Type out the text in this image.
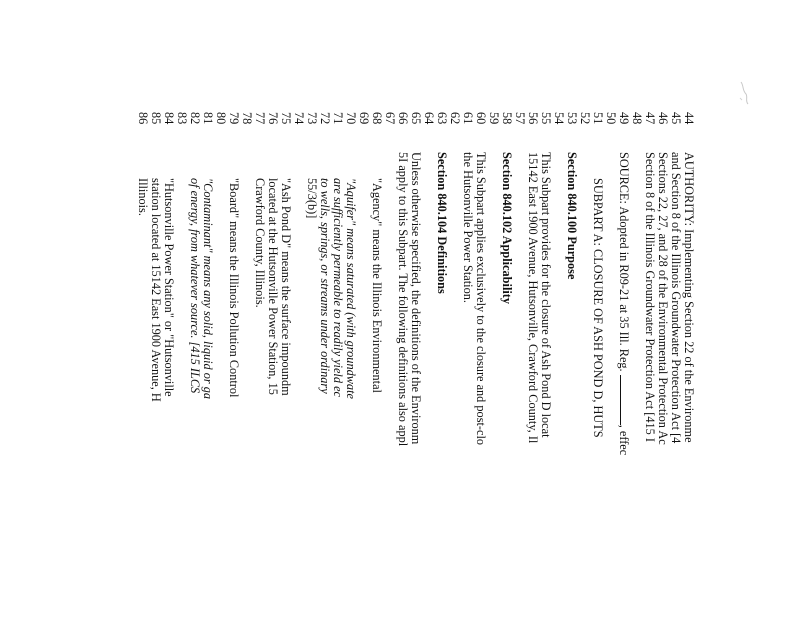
44
AUTHORITY: Implementing Section 22 of the Environme
45
and Section 8 of the Illinois Groundwater Protection Act [4
46
Sections 22, 27, and 28 of the Environmental Protection Ac
47
Section 8 of the Illinois Groundwater Protection Act [415 I
48
49
SOURCE: Adopted in R09-21 at 35 Ill. Reg. , effec
50
51
SUBPART A: CLOSURE OF ASH POND D, HUTS
52
53
Section 840.100 Purpose
54
55
This Subpart provides for the closure of Ash Pond D locat
56
15142 East 1900 Avenue, Hutsonville, Crawford County, Il
57
58
Section 840.102 Applicability
59
60
This Subpart applies exclusively to the closure and post-clo
61
the Hutsonville Power Station.
62
63
Section 840.104 Definitions
64
65
Unless otherwise specified, the definitions of the Environm
66
5I apply to this Subpart. The following definitions also appl
67
68
"Agency" means the Illinois Environmental
69
70
"Aquifer" means saturated (with groundwate
71
are sufficiently permeable to readily yield ec
72
to wells, springs, or streams under ordinary
73
55/3(b)]
74
75
"Ash Pond D" means the surface impoundm
76
located at the Hutsonville Power Station, 15
77
Crawford County, Illinois.
78
79
"Board" means the Illinois Pollution Control
80
81
"Contaminant" means any solid, liquid or ga
82
of energy, from whatever source. [415 ILCS
83
84
"Hutsonville Power Station" or "Hutsonville
85
station located at 15142 East 1900 Avenue, H
86
Illinois.
